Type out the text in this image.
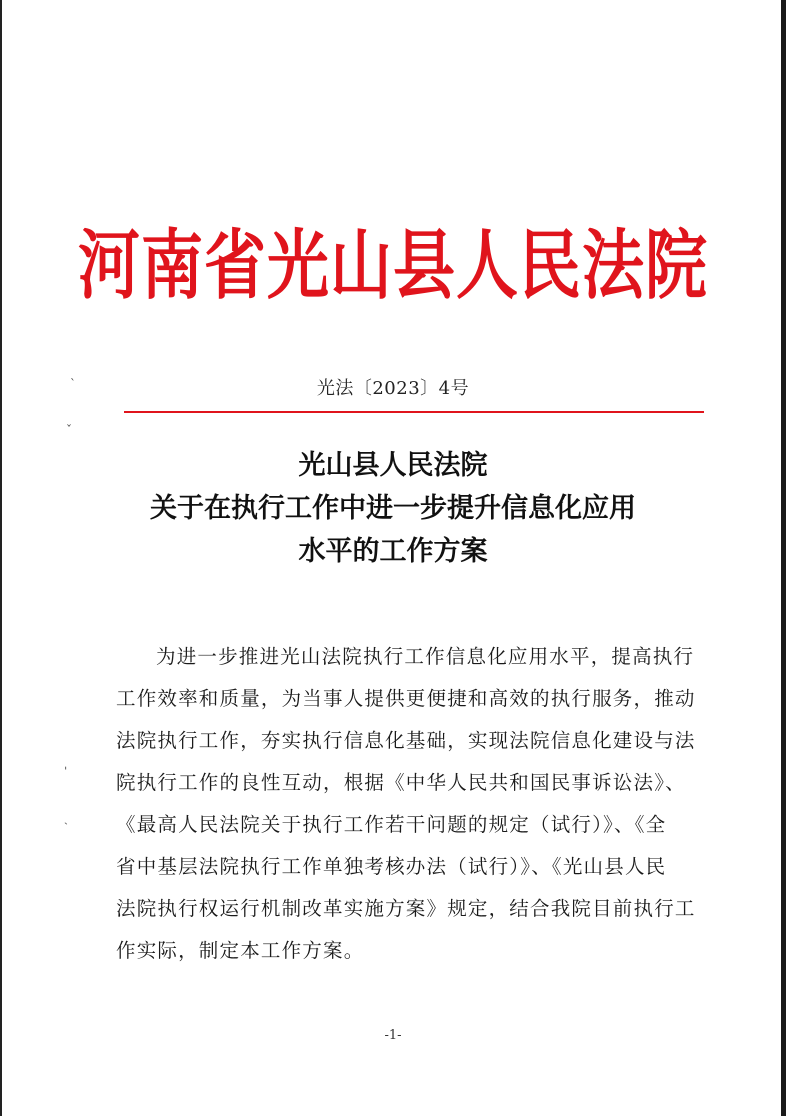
河南省光山县人民法院
光法〔2023〕4号
光山县人民法院
关于在执行工作中进一步提升信息化应用
水平的工作方案
为进一步推进光山法院执行工作信息化应用水平，提高执行
工作效率和质量，为当事人提供更便捷和高效的执行服务，推动
法院执行工作，夯实执行信息化基础，实现法院信息化建设与法
院执行工作的良性互动，根据《中华人民共和国民事诉讼法》、
《最高人民法院关于执行工作若干问题的规定（试行）》、《全
省中基层法院执行工作单独考核办法（试行）》、《光山县人民
法院执行权运行机制改革实施方案》规定，结合我院目前执行工
作实际，制定本工作方案。
-1-
ˋ
ˇ
ˈ
ˎ
